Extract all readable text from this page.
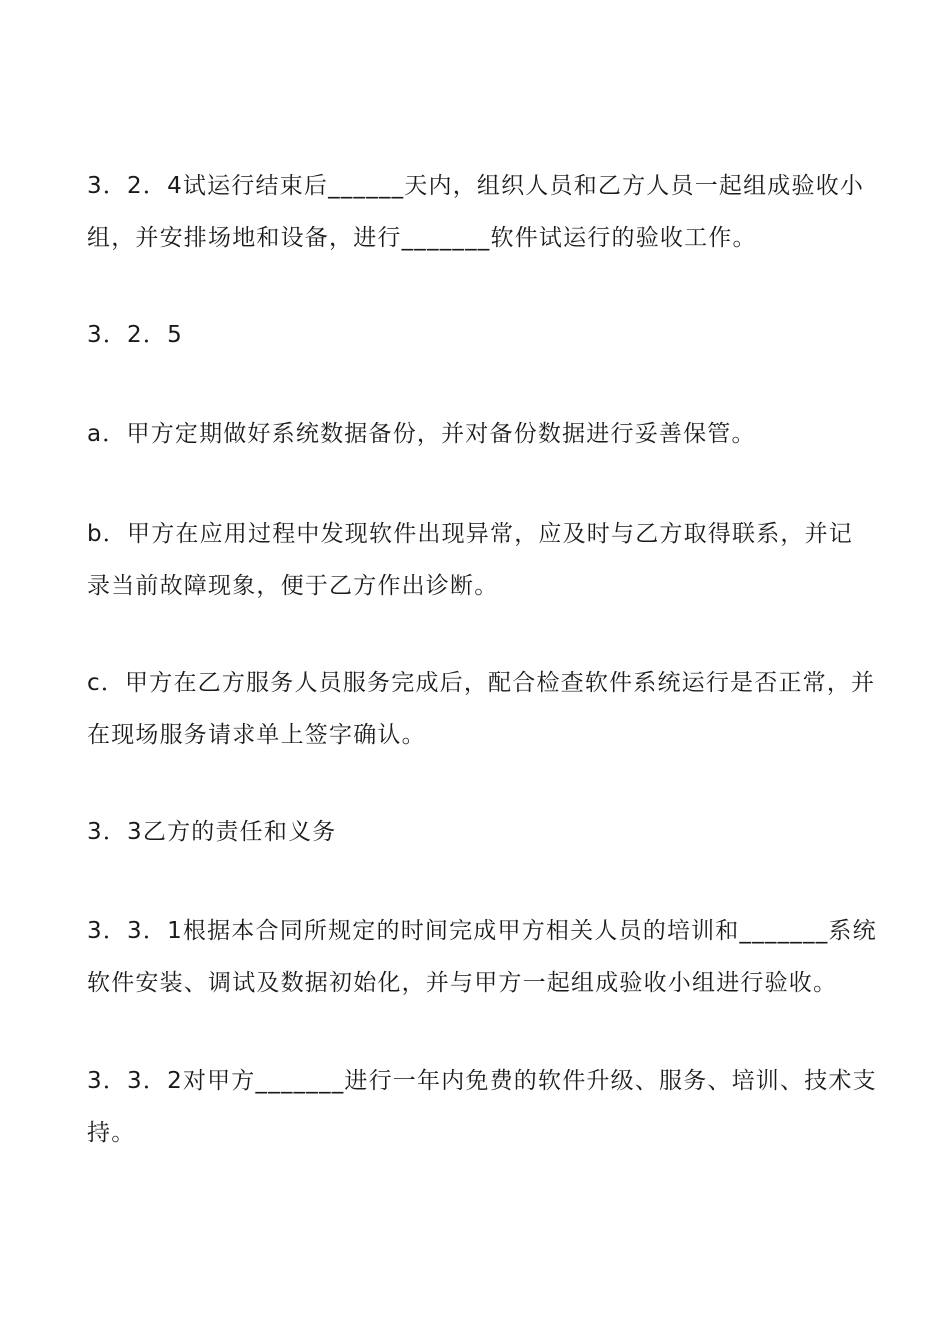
3．2．4试运行结束后______天内，组织人员和乙方人员一起组成验收小
组，并安排场地和设备，进行_______软件试运行的验收工作。

3．2．5

a．甲方定期做好系统数据备份，并对备份数据进行妥善保管。

b．甲方在应用过程中发现软件出现异常，应及时与乙方取得联系，并记
录当前故障现象，便于乙方作出诊断。

c．甲方在乙方服务人员服务完成后，配合检查软件系统运行是否正常，并
在现场服务请求单上签字确认。

3．3乙方的责任和义务

3．3．1根据本合同所规定的时间完成甲方相关人员的培训和_______系统
软件安装、调试及数据初始化，并与甲方一起组成验收小组进行验收。

3．3．2对甲方_______进行一年内免费的软件升级、服务、培训、技术支
持。
